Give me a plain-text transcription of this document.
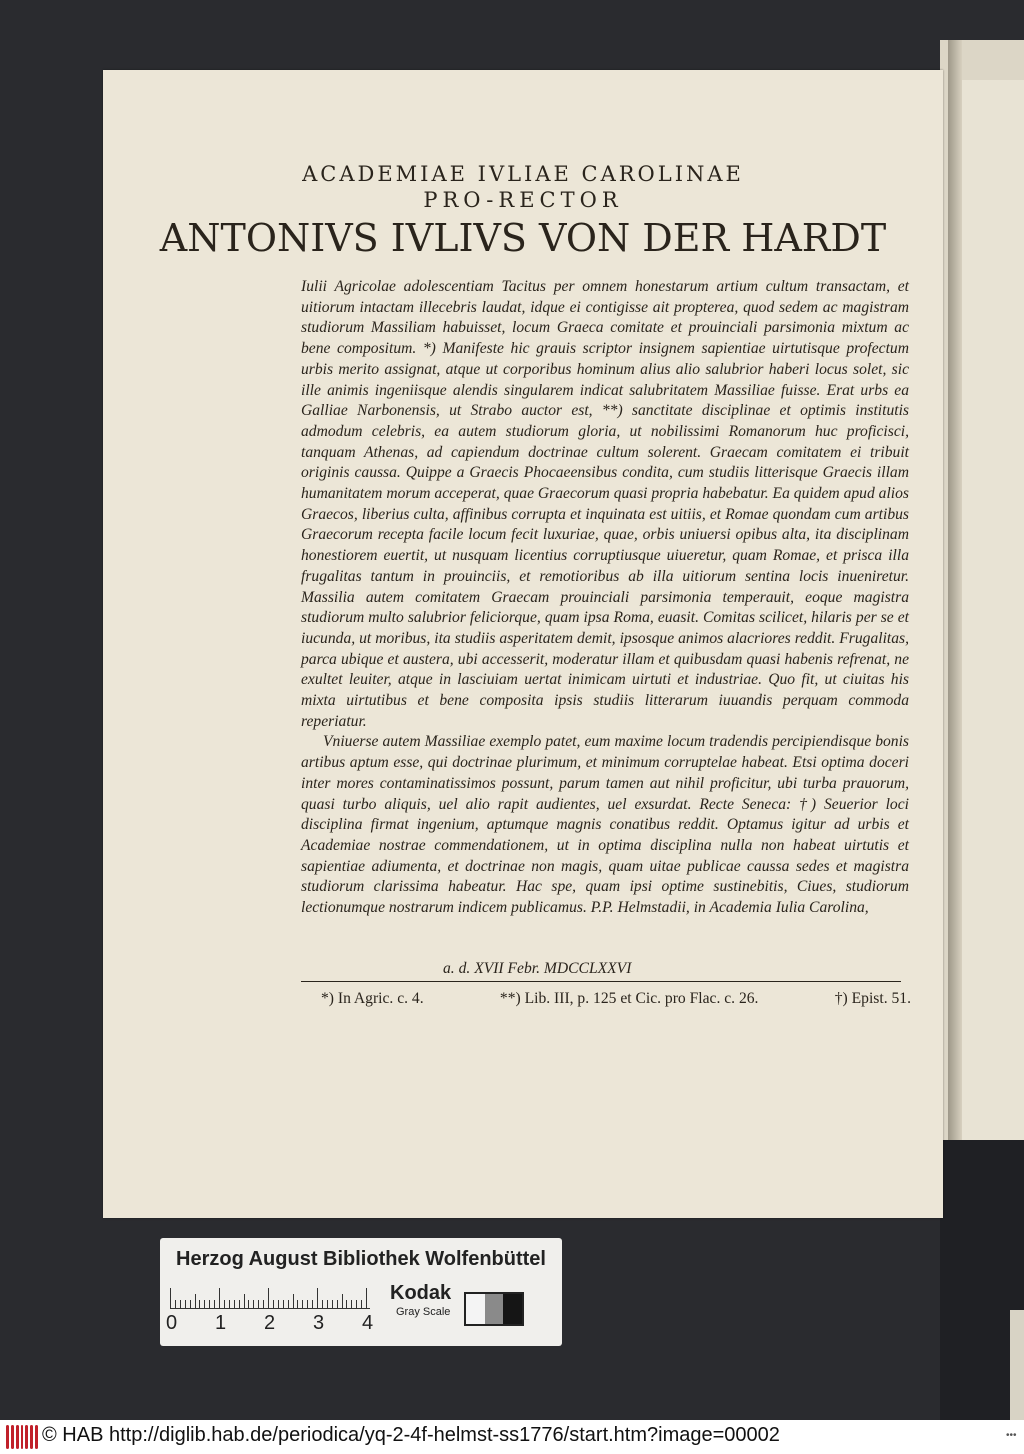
ACADEMIAE IVLIAE CAROLINAE
PRO-RECTOR
ANTONIVS IVLIVS VON DER HARDT

Iulii Agricolae adolescentiam Tacitus per omnem honestarum artium cultum transactam, et uitiorum intactam illecebris laudat, idque ei contigisse ait propterea, quod sedem ac magistram studiorum Massiliam habuisset, locum Graeca comitate et prouinciali parsimonia mixtum ac bene compositum. *) Manifeste hic grauis scriptor insignem sapientiae uirtutisque profectum urbis merito assignat, atque ut corporibus hominum alius alio salubrior haberi locus solet, sic ille animis ingeniisque alendis singularem indicat salubritatem Massiliae fuisse. Erat urbs ea Galliae Narbonensis, ut Strabo auctor est, **) sanctitate disciplinae et optimis institutis admodum celebris, ea autem studiorum gloria, ut nobilissimi Romanorum huc proficisci, tanquam Athenas, ad capiendum doctrinae cultum solerent. Graecam comitatem ei tribuit originis caussa. Quippe a Graecis Phocaeensibus condita, cum studiis litterisque Graecis illam humanitatem morum acceperat, quae Graecorum quasi propria habebatur. Ea quidem apud alios Graecos, liberius culta, affinibus corrupta et inquinata est uitiis, et Romae quondam cum artibus Graecorum recepta facile locum fecit luxuriae, quae, orbis uniuersi opibus alta, ita disciplinam honestiorem euertit, ut nusquam licentius corruptiusque uiueretur, quam Romae, et prisca illa frugalitas tantum in prouinciis, et remotioribus ab illa uitiorum sentina locis inueniretur. Massilia autem comitatem Graecam prouinciali parsimonia temperauit, eoque magistra studiorum multo salubrior feliciorque, quam ipsa Roma, euasit. Comitas scilicet, hilaris per se et iucunda, ut moribus, ita studiis asperitatem demit, ipsosque animos alacriores reddit. Frugalitas, parca ubique et austera, ubi accesserit, moderatur illam et quibusdam quasi habenis refrenat, ne exultet leuiter, atque in lasciuiam uertat inimicam uirtuti et industriae. Quo fit, ut ciuitas his mixta uirtutibus et bene composita ipsis studiis litterarum iuuandis perquam commoda reperiatur.

Vniuerse autem Massiliae exemplo patet, eum maxime locum tradendis percipiendisque bonis artibus aptum esse, qui doctrinae plurimum, et minimum corruptelae habeat. Etsi optima doceri inter mores contaminatissimos possunt, parum tamen aut nihil proficitur, ubi turba prauorum, quasi turbo aliquis, uel alio rapit audientes, uel exsurdat. Recte Seneca: †) Seuerior loci disciplina firmat ingenium, aptumque magnis conatibus reddit. Optamus igitur ad urbis et Academiae nostrae commendationem, ut in optima disciplina nulla non habeat uirtutis et sapientiae adiumenta, et doctrinae non magis, quam uitae publicae caussa sedes et magistra studiorum clarissima habeatur. Hac spe, quam ipsi optime sustinebitis, Ciues, studiorum lectionumque nostrarum indicem publicamus. P.P. Helmstadii, in Academia Iulia Carolina,

a. d. XVII Febr. MDCCLXXVI
*) In Agric. c. 4.	**) Lib. III, p. 125 et Cic. pro Flac. c. 26.	†) Epist. 51.
Herzog August Bibliothek Wolfenbüttel
0 1 2 3 4
Kodak
Gray Scale
© HAB http://diglib.hab.de/periodica/yq-2-4f-helmst-ss1776/start.htm?image=00002	•••
